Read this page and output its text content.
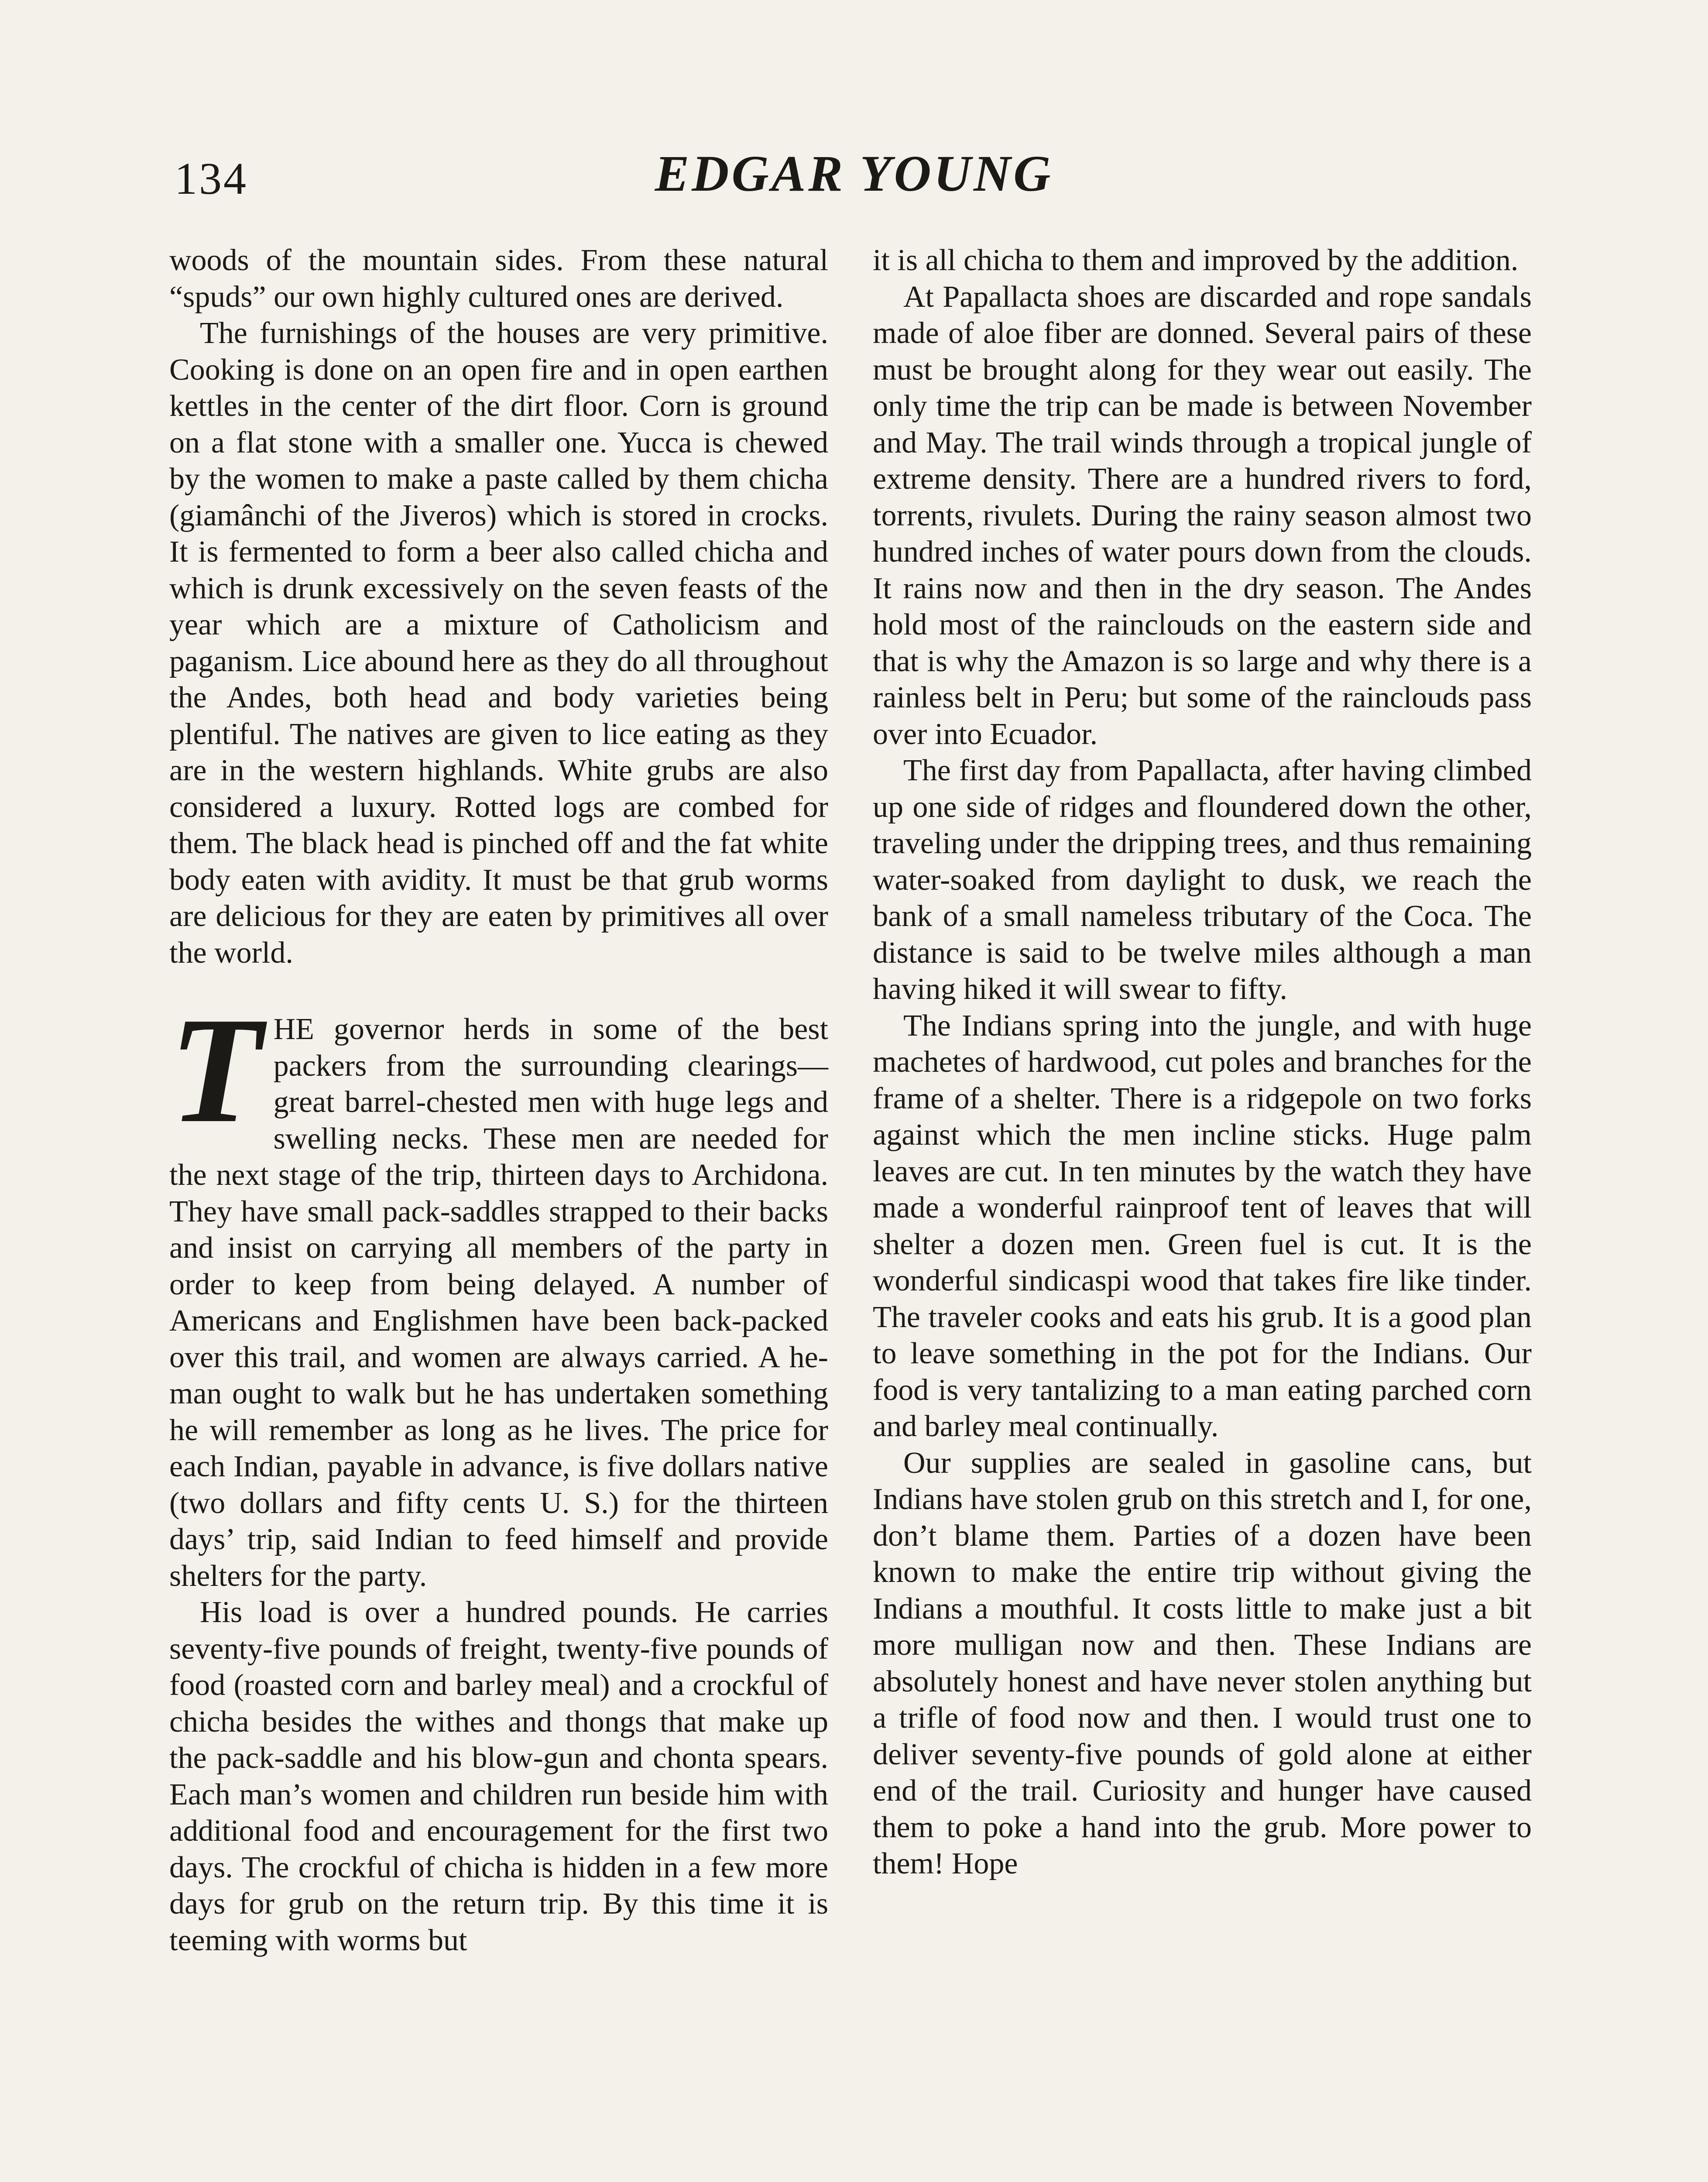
134	EDGAR YOUNG

woods of the mountain sides. From these natural “spuds” our own highly cultured ones are derived.

The furnishings of the houses are very primitive. Cooking is done on an open fire and in open earthen kettles in the center of the dirt floor. Corn is ground on a flat stone with a smaller one. Yucca is chewed by the women to make a paste called by them chicha (giamânchi of the Jiveros) which is stored in crocks. It is fermented to form a beer also called chicha and which is drunk excessively on the seven feasts of the year which are a mixture of Catholicism and paganism. Lice abound here as they do all throughout the Andes, both head and body varieties being plentiful. The natives are given to lice eating as they are in the western highlands. White grubs are also considered a luxury. Rotted logs are combed for them. The black head is pinched off and the fat white body eaten with avidity. It must be that grub worms are delicious for they are eaten by primitives all over the world.

THE governor herds in some of the best packers from the surrounding clearings—great barrel-chested men with huge legs and swelling necks. These men are needed for the next stage of the trip, thirteen days to Archidona. They have small pack-saddles strapped to their backs and insist on carrying all members of the party in order to keep from being delayed. A number of Americans and Englishmen have been back-packed over this trail, and women are always carried. A he-man ought to walk but he has undertaken something he will remember as long as he lives. The price for each Indian, payable in advance, is five dollars native (two dollars and fifty cents U. S.) for the thirteen days’ trip, said Indian to feed himself and provide shelters for the party.

His load is over a hundred pounds. He carries seventy-five pounds of freight, twenty-five pounds of food (roasted corn and barley meal) and a crockful of chicha besides the withes and thongs that make up the pack-saddle and his blow-gun and chonta spears. Each man’s women and children run beside him with additional food and encouragement for the first two days. The crockful of chicha is hidden in a few more days for grub on the return trip. By this time it is teeming with worms but

it is all chicha to them and improved by the addition.

At Papallacta shoes are discarded and rope sandals made of aloe fiber are donned. Several pairs of these must be brought along for they wear out easily. The only time the trip can be made is between November and May. The trail winds through a tropical jungle of extreme density. There are a hundred rivers to ford, torrents, rivulets. During the rainy season almost two hundred inches of water pours down from the clouds. It rains now and then in the dry season. The Andes hold most of the rainclouds on the eastern side and that is why the Amazon is so large and why there is a rainless belt in Peru; but some of the rainclouds pass over into Ecuador.

The first day from Papallacta, after having climbed up one side of ridges and floundered down the other, traveling under the dripping trees, and thus remaining water-soaked from daylight to dusk, we reach the bank of a small nameless tributary of the Coca. The distance is said to be twelve miles although a man having hiked it will swear to fifty.

The Indians spring into the jungle, and with huge machetes of hardwood, cut poles and branches for the frame of a shelter. There is a ridgepole on two forks against which the men incline sticks. Huge palm leaves are cut. In ten minutes by the watch they have made a wonderful rainproof tent of leaves that will shelter a dozen men. Green fuel is cut. It is the wonderful sindicaspi wood that takes fire like tinder. The traveler cooks and eats his grub. It is a good plan to leave something in the pot for the Indians. Our food is very tantalizing to a man eating parched corn and barley meal continually.

Our supplies are sealed in gasoline cans, but Indians have stolen grub on this stretch and I, for one, don’t blame them. Parties of a dozen have been known to make the entire trip without giving the Indians a mouthful. It costs little to make just a bit more mulligan now and then. These Indians are absolutely honest and have never stolen anything but a trifle of food now and then. I would trust one to deliver seventy-five pounds of gold alone at either end of the trail. Curiosity and hunger have caused them to poke a hand into the grub. More power to them! Hope
